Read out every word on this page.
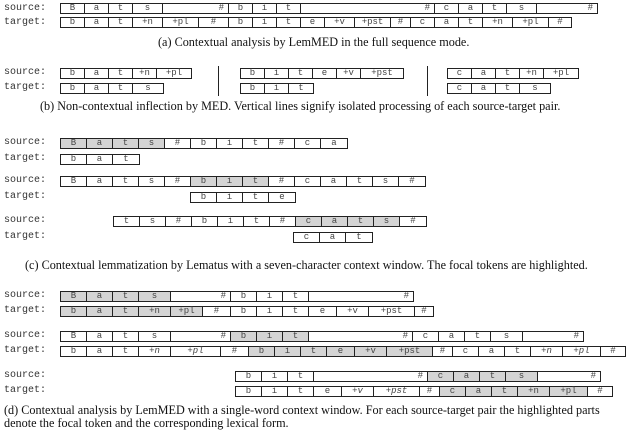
(a) Contextual analysis by LemMED in the full sequence mode.
(b) Non-contextual inflection by MED. Vertical lines signify isolated processing of each source-target pair.
(c) Contextual lemmatization by Lematus with a seven-character context window. The focal tokens are highlighted.
(d) Contextual analysis by LemMED with a single-word context window. For each source-target pair the highlighted parts
denote the focal token and the corresponding lexical form.
source:	B	a	t	s	#	b	i	t	#	c	a	t	s	#
target:	b	a	t	+n	+pl	#	b	i	t	e	+v	+pst	#	c	a	t	+n	+pl	#
source:
target:
b	a	t	+n	+pl
b	a	t	s
b	i	t	e	+v	+pst
b	i	t
c	a	t	+n	+pl
c	a	t	s
source:
target:
B	a	t	s	#	b	i	t	#	c	a
b	a	t
source:
target:
B	a	t	s	#	b	i	t	#	c	a	t	s	#
b	i	t	e
source:
target:
t	s	#	b	i	t	#	c	a	t	s	#
c	a	t
source:
target:
B	a	t	s	#	b	i	t	#
b	a	t	+n	+pl	#	b	i	t	e	+v	+pst	#
source:
target:
B	a	t	s	#	b	i	t	#	c	a	t	s	#
b	a	t	+n	+pl	#	b	i	t	e	+v	+pst	#	c	a	t	+n	+pl	#
source:
target:
b	i	t	#	c	a	t	s	#
b	i	t	e	+v	+pst	#	c	a	t	+n	+pl	#
